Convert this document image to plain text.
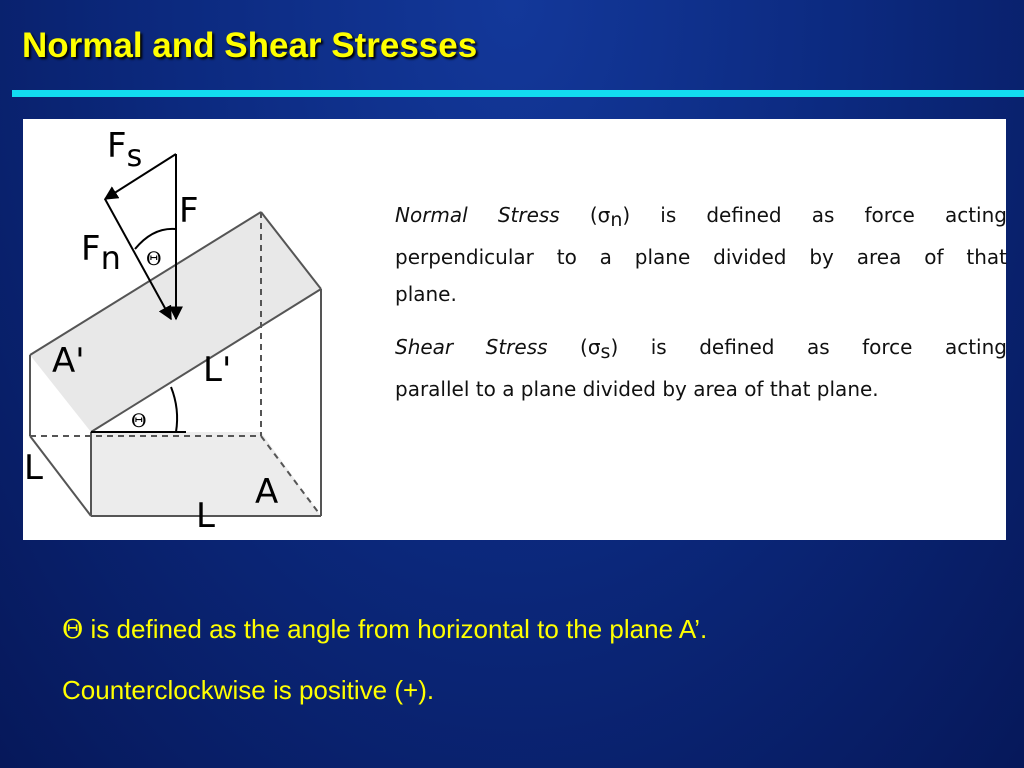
Normal and Shear Stresses
Fs
F
Fn Θ
A'	L'
Θ
L
A
L
Normal Stress $(\sigma_n)$ is defined as force acting
perpendicular to a plane divided by area of that
plane.
Shear Stress $(\sigma_s)$ is defined as force acting
parallel to a plane divided by area of that plane.
Θ is defined as the angle from horizontal to the plane A’.
Counterclockwise is positive (+).
